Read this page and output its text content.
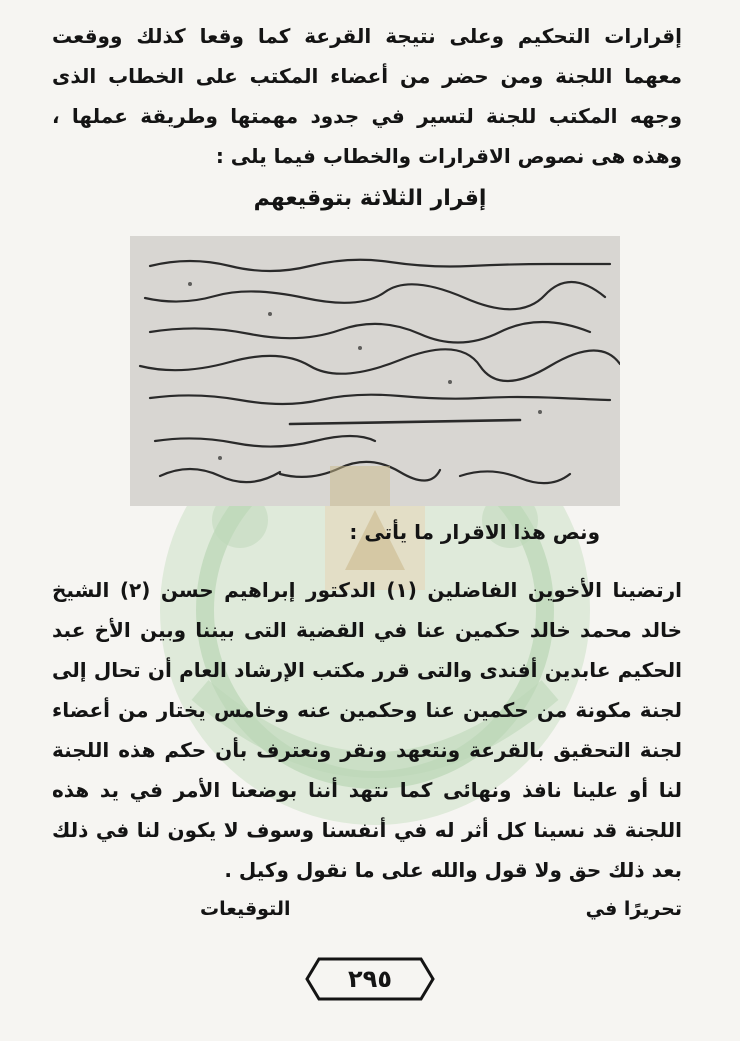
إقرارات التحكيم وعلى نتيجة القرعة كما وقعا كذلك ووقعت معهما اللجنة ومن حضر من أعضاء المكتب على الخطاب الذى وجهه المكتب للجنة لتسير في جدود مهمتها وطريقة عملها ، وهذه هى نصوص الاقرارات والخطاب فيما يلى :
إقرار الثلاثة بتوقيعهم
ونص هذا الاقرار ما يأتى :
ارتضينا الأخوين الفاضلين (١) الدكتور إبراهيم حسن (٢) الشيخ خالد محمد خالد حكمين عنا في القضية التى بيننا وبين الأخ عبد الحكيم عابدين أفندى والتى قرر مكتب الإرشاد العام أن تحال إلى لجنة مكونة من حكمين عنا وحكمين عنه وخامس يختار من أعضاء لجنة التحقيق بالقرعة ونتعهد ونقر ونعترف بأن حكم هذه اللجنة لنا أو علينا نافذ ونهائى كما نتهد أننا بوضعنا الأمر في يد هذه اللجنة قد نسينا كل أثر له في أنفسنا وسوف لا يكون لنا في ذلك بعد ذلك حق ولا قول والله على ما نقول وكيل .
تحريرًا في
التوقيعات
٢٩٥
